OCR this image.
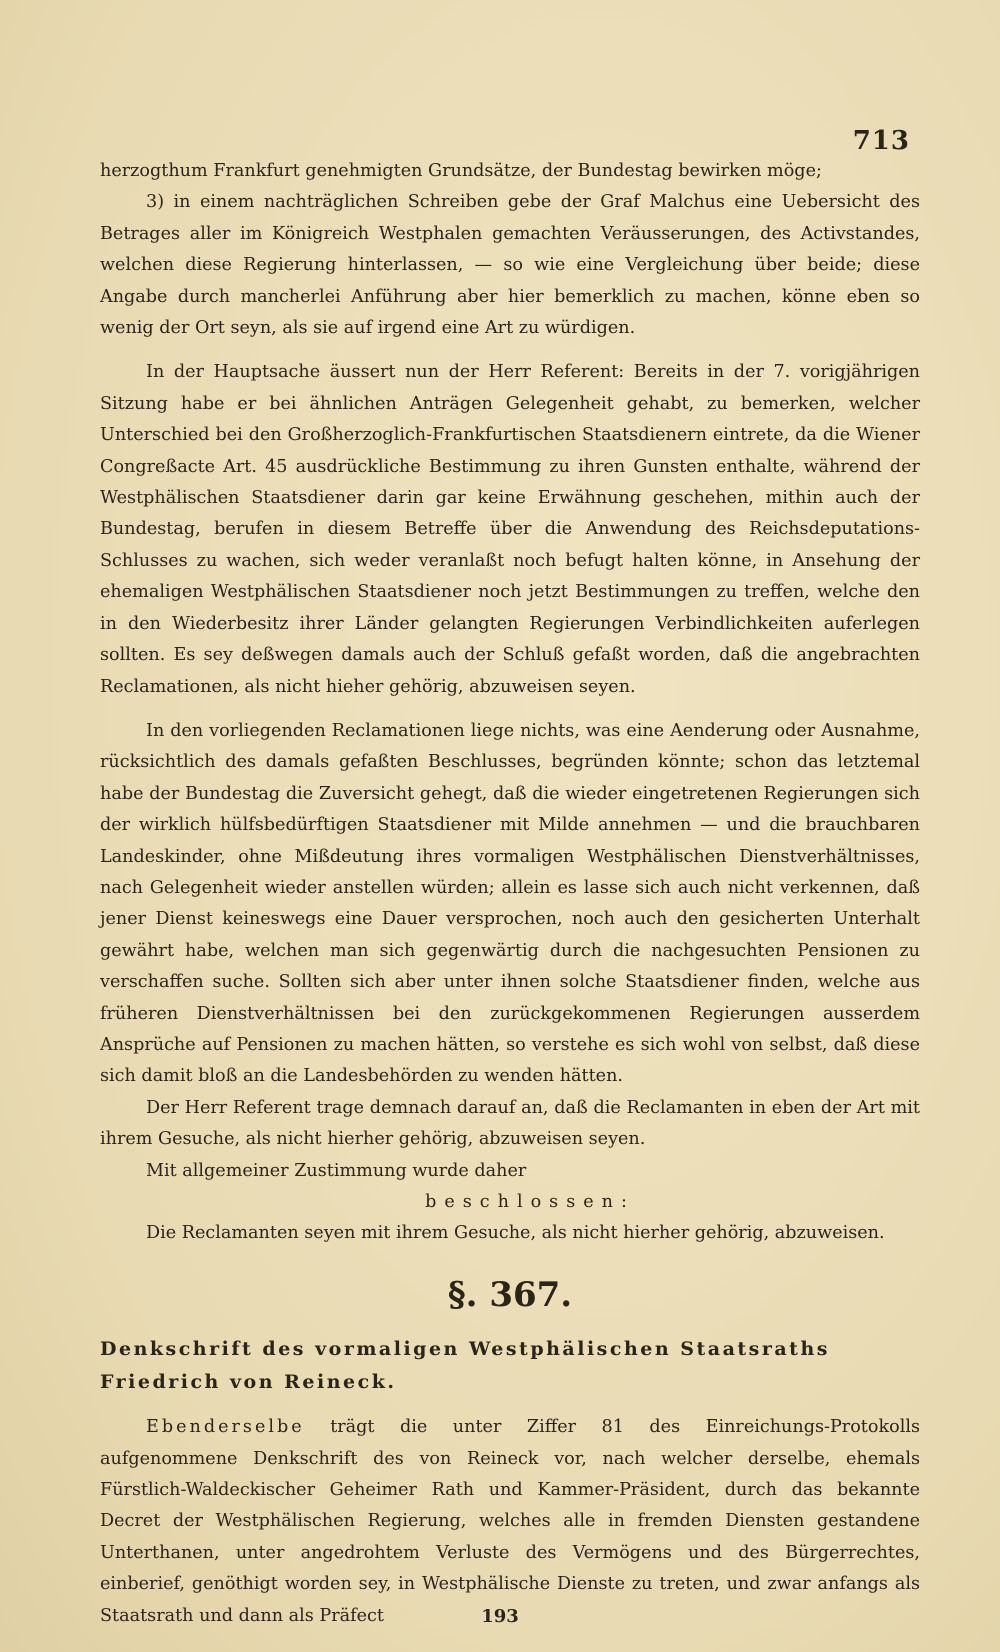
713

herzogthum Frankfurt genehmigten Grundsätze, der Bundestag bewirken möge;

3) in einem nachträglichen Schreiben gebe der Graf Malchus eine Uebersicht des Betrages aller im Königreich Westphalen gemachten Veräusserungen, des Activstandes, welchen diese Regierung hinterlassen, — so wie eine Vergleichung über beide; diese Angabe durch mancherlei Anführung aber hier bemerklich zu machen, könne eben so wenig der Ort seyn, als sie auf irgend eine Art zu würdigen.

In der Hauptsache äussert nun der Herr Referent: Bereits in der 7. vorigjährigen Sitzung habe er bei ähnlichen Anträgen Gelegenheit gehabt, zu bemerken, welcher Unterschied bei den Großherzoglich-Frankfurtischen Staatsdienern eintrete, da die Wiener Congreßacte Art. 45 ausdrückliche Bestimmung zu ihren Gunsten enthalte, während der Westphälischen Staatsdiener darin gar keine Erwähnung geschehen, mithin auch der Bundestag, berufen in diesem Betreffe über die Anwendung des Reichsdeputations-Schlusses zu wachen, sich weder veranlaßt noch befugt halten könne, in Ansehung der ehemaligen Westphälischen Staatsdiener noch jetzt Bestimmungen zu treffen, welche den in den Wiederbesitz ihrer Länder gelangten Regierungen Verbindlichkeiten auferlegen sollten. Es sey deßwegen damals auch der Schluß gefaßt worden, daß die angebrachten Reclamationen, als nicht hieher gehörig, abzuweisen seyen.

In den vorliegenden Reclamationen liege nichts, was eine Aenderung oder Ausnahme, rücksichtlich des damals gefaßten Beschlusses, begründen könnte; schon das letztemal habe der Bundestag die Zuversicht gehegt, daß die wieder eingetretenen Regierungen sich der wirklich hülfsbedürftigen Staatsdiener mit Milde annehmen — und die brauchbaren Landeskinder, ohne Mißdeutung ihres vormaligen Westphälischen Dienstverhältnisses, nach Gelegenheit wieder anstellen würden; allein es lasse sich auch nicht verkennen, daß jener Dienst keineswegs eine Dauer versprochen, noch auch den gesicherten Unterhalt gewährt habe, welchen man sich gegenwärtig durch die nachgesuchten Pensionen zu verschaffen suche. Sollten sich aber unter ihnen solche Staatsdiener finden, welche aus früheren Dienstverhältnissen bei den zurückgekommenen Regierungen ausserdem Ansprüche auf Pensionen zu machen hätten, so verstehe es sich wohl von selbst, daß diese sich damit bloß an die Landesbehörden zu wenden hätten.

Der Herr Referent trage demnach darauf an, daß die Reclamanten in eben der Art mit ihrem Gesuche, als nicht hierher gehörig, abzuweisen seyen.

Mit allgemeiner Zustimmung wurde daher

beschlossen:

Die Reclamanten seyen mit ihrem Gesuche, als nicht hierher gehörig, abzuweisen.

§. 367.

Denkschrift des vormaligen Westphälischen Staatsraths Friedrich von Reineck.

Ebenderselbe trägt die unter Ziffer 81 des Einreichungs-Protokolls aufgenommene Denkschrift des von Reineck vor, nach welcher derselbe, ehemals Fürstlich-Waldeckischer Geheimer Rath und Kammer-Präsident, durch das bekannte Decret der Westphälischen Regierung, welches alle in fremden Diensten gestandene Unterthanen, unter angedrohtem Verluste des Vermögens und des Bürgerrechtes, einberief, genöthigt worden sey, in Westphälische Dienste zu treten, und zwar anfangs als Staatsrath und dann als Präfect	193
